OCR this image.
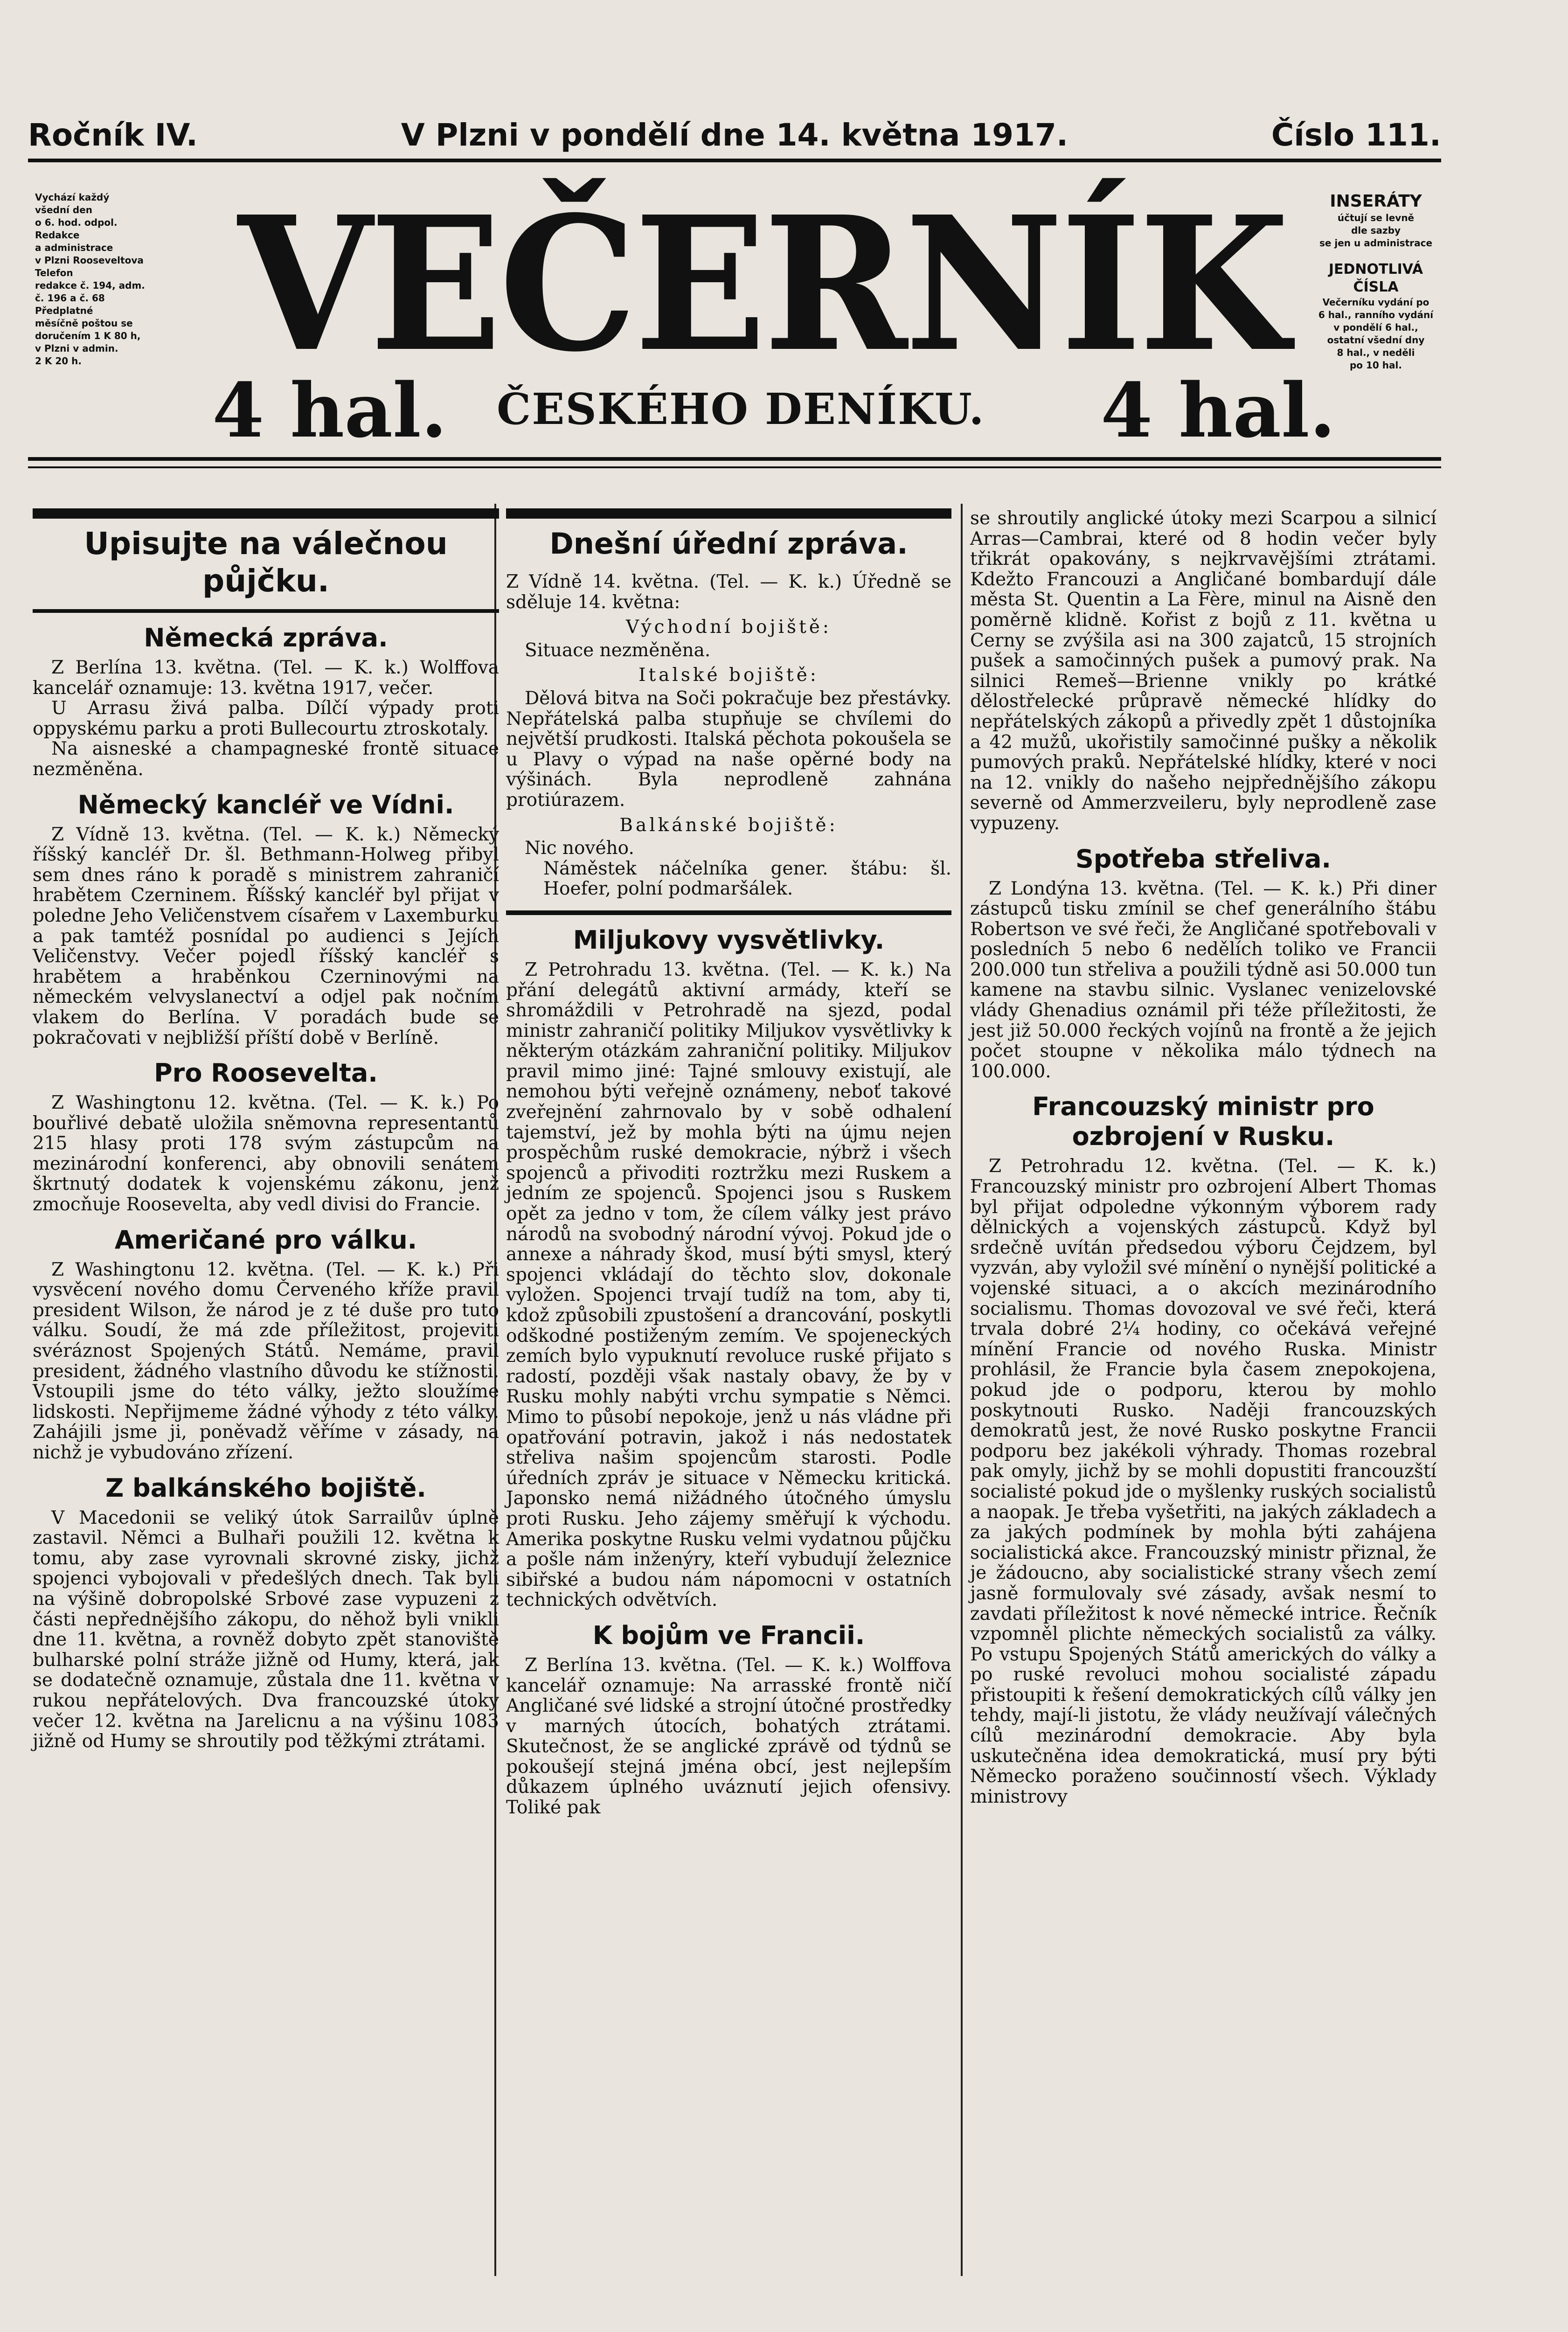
Ročník IV.	V Plzni v pondělí dne 14. května 1917.	Číslo 111.
Vychází každý
všední den
o 6. hod. odpol.
Redakce
a administrace
v Plzni Rooseveltova
Telefon
redakce č. 194, adm.
č. 196 a č. 68
Předplatné
měsíčně poštou se
doručením 1 K 80 h,
v Plzni v admin.
2 K 20 h. VEČERNÍK
4 hal. ČESKÉHO DENÍKU. 4 hal.
INSERÁTY
účtují se levně
dle sazby
se jen u administrace
JEDNOTLIVÁ ČÍSLA
Večerníku vydání po
6 hal., ranního vydání
v pondělí 6 hal.,
ostatní všední dny
8 hal., v neděli
po 10 hal.
Upisujte na válečnou půjčku.
Německá zpráva.

Z Berlína 13. května. (Tel. — K. k.) Wolffova kancelář oznamuje: 13. května 1917, večer.

U Arrasu živá palba. Dílčí výpady proti oppyskému parku a proti Bullecourtu ztroskotaly.

Na aisneské a champagneské frontě situace nezměněna.

Německý kancléř ve Vídni.

Z Vídně 13. května. (Tel. — K. k.) Německý říšský kancléř Dr. šl. Bethmann-Holweg přibyl sem dnes ráno k poradě s ministrem zahraničí hrabětem Czerninem. Říšský kancléř byl přijat v poledne Jeho Veličenstvem císařem v Laxemburku a pak tamtéž posnídal po audienci s Jejích Veličenstvy. Večer pojedl říšský kancléř s hrabětem a hraběnkou Czerninovými na německém velvyslanectví a odjel pak nočním vlakem do Berlína. V poradách bude se pokračovati v nejbližší příští době v Berlíně.

Pro Roosevelta.

Z Washingtonu 12. května. (Tel. — K. k.) Po bouřlivé debatě uložila sněmovna representantů 215 hlasy proti 178 svým zástupcům na mezinárodní konferenci, aby obnovili senátem škrtnutý dodatek k vojenskému zákonu, jenž zmocňuje Roosevelta, aby vedl divisi do Francie.

Američané pro válku.

Z Washingtonu 12. května. (Tel. — K. k.) Při vysvěcení nového domu Červeného kříže pravil president Wilson, že národ je z té duše pro tuto válku. Soudí, že má zde příležitost, projeviti svéráznost Spojených Států. Nemáme, pravil president, žádného vlastního důvodu ke stížnosti. Vstoupili jsme do této války, ježto sloužíme lidskosti. Nepřijmeme žádné výhody z této války. Zahájili jsme ji, poněvadž věříme v zásady, na nichž je vybudováno zřízení.

Z balkánského bojiště.

V Macedonii se veliký útok Sarrailův úplně zastavil. Němci a Bulhaři použili 12. května k tomu, aby zase vyrovnali skrovné zisky, jichž spojenci vybojovali v předešlých dnech. Tak byli na výšině dobropolské Srbové zase vypuzeni z části nepřednějšího zákopu, do něhož byli vnikli dne 11. května, a rovněž dobyto zpět stanoviště bulharské polní stráže jižně od Humy, která, jak se dodatečně oznamuje, zůstala dne 11. května v rukou nepřátelových. Dva francouzské útoky večer 12. května na Jarelicnu a na výšinu 1083 jižně od Humy se shroutily pod těžkými ztrátami.

Dnešní úřední zpráva.

Z Vídně 14. května. (Tel. — K. k.) Úředně se sděluje 14. května:

Východní bojiště:

Situace nezměněna.

Italské bojiště:

Dělová bitva na Soči pokračuje bez přestávky. Nepřátelská palba stupňuje se chvílemi do největší prudkosti. Italská pěchota pokoušela se u Plavy o výpad na naše opěrné body na výšinách. Byla neprodleně zahnána protiúrazem.

Balkánské bojiště:

Nic nového.

Náměstek náčelníka gener. štábu: šl. Hoefer, polní podmaršálek.

Miljukovy vysvětlivky.

Z Petrohradu 13. května. (Tel. — K. k.) Na přání delegátů aktivní armády, kteří se shromáždili v Petrohradě na sjezd, podal ministr zahraničí politiky Miljukov vysvětlivky k některým otázkám zahraniční politiky. Miljukov pravil mimo jiné: Tajné smlouvy existují, ale nemohou býti veřejně oznámeny, neboť takové zveřejnění zahrnovalo by v sobě odhalení tajemství, jež by mohla býti na újmu nejen prospěchům ruské demokracie, nýbrž i všech spojenců a přivoditi roztržku mezi Ruskem a jedním ze spojenců. Spojenci jsou s Ruskem opět za jedno v tom, že cílem války jest právo národů na svobodný národní vývoj. Pokud jde o annexe a náhrady škod, musí býti smysl, který spojenci vkládají do těchto slov, dokonale vyložen. Spojenci trvají tudíž na tom, aby ti, kdož způsobili zpustošení a drancování, poskytli odškodné postiženým zemím. Ve spojeneckých zemích bylo vypuknutí revoluce ruské přijato s radostí, později však nastaly obavy, že by v Rusku mohly nabýti vrchu sympatie s Němci. Mimo to působí nepokoje, jenž u nás vládne při opatřování potravin, jakož i nás nedostatek střeliva našim spojencům starosti. Podle úředních zpráv je situace v Německu kritická. Japonsko nemá nižádného útočného úmyslu proti Rusku. Jeho zájemy směřují k východu. Amerika poskytne Rusku velmi vydatnou půjčku a pošle nám inženýry, kteří vybudují železnice sibiřské a budou nám nápomocni v ostatních technických odvětvích.

K bojům ve Francii.

Z Berlína 13. května. (Tel. — K. k.) Wolffova kancelář oznamuje: Na arrasské frontě ničí Angličané své lidské a strojní útočné prostředky v marných útocích, bohatých ztrátami. Skutečnost, že se anglické zprávě od týdnů se pokoušejí stejná jména obcí, jest nejlepším důkazem úplného uváznutí jejich ofensivy. Toliké pak

se shroutily anglické útoky mezi Scarpou a silnicí Arras—Cambrai, které od 8 hodin večer byly třikrát opakovány, s nejkrvavějšími ztrátami. Kdežto Francouzi a Angličané bombardují dále města St. Quentin a La Fère, minul na Aisně den poměrně klidně. Kořist z bojů z 11. května u Cerny se zvýšila asi na 300 zajatců, 15 strojních pušek a samočinných pušek a pumový prak. Na silnici Remeš—Brienne vnikly po krátké dělostřelecké průpravě německé hlídky do nepřátelských zákopů a přivedly zpět 1 důstojníka a 42 mužů, ukořistily samočinné pušky a několik pumových praků. Nepřátelské hlídky, které v noci na 12. vnikly do našeho nejpřednějšího zákopu severně od Ammerzveileru, byly neprodleně zase vypuzeny.

Spotřeba střeliva.

Z Londýna 13. května. (Tel. — K. k.) Při diner zástupců tisku zmínil se chef generálního štábu Robertson ve své řeči, že Angličané spotřebovali v posledních 5 nebo 6 nedělích toliko ve Francii 200.000 tun střeliva a použili týdně asi 50.000 tun kamene na stavbu silnic. Vyslanec venizelovské vlády Ghenadius oznámil při téže příležitosti, že jest již 50.000 řeckých vojínů na frontě a že jejich počet stoupne v několika málo týdnech na 100.000.

Francouzský ministr pro ozbrojení v Rusku.

Z Petrohradu 12. května. (Tel. — K. k.) Francouzský ministr pro ozbrojení Albert Thomas byl přijat odpoledne výkonným výborem rady dělnických a vojenských zástupců. Když byl srdečně uvítán předsedou výboru Čejdzem, byl vyzván, aby vyložil své mínění o nynější politické a vojenské situaci, a o akcích mezinárodního socialismu. Thomas dovozoval ve své řeči, která trvala dobré 2¼ hodiny, co očekává veřejné mínění Francie od nového Ruska. Ministr prohlásil, že Francie byla časem znepokojena, pokud jde o podporu, kterou by mohlo poskytnouti Rusko. Naději francouzských demokratů jest, že nové Rusko poskytne Francii podporu bez jakékoli výhrady. Thomas rozebral pak omyly, jichž by se mohli dopustiti francouzští socialisté pokud jde o myšlenky ruských socialistů a naopak. Je třeba vyšetřiti, na jakých základech a za jakých podmínek by mohla býti zahájena socialistická akce. Francouzský ministr přiznal, že je žádoucno, aby socialistické strany všech zemí jasně formulovaly své zásady, avšak nesmí to zavdati příležitost k nové německé intrice. Řečník vzpomněl plichte německých socialistů za války. Po vstupu Spojených Států amerických do války a po ruské revoluci mohou socialisté západu přistoupiti k řešení demokratických cílů války jen tehdy, mají-li jistotu, že vlády neužívají válečných cílů mezinárodní demokracie. Aby byla uskutečněna idea demokratická, musí pry býti Německo poraženo součinností všech. Výklady ministrovy
